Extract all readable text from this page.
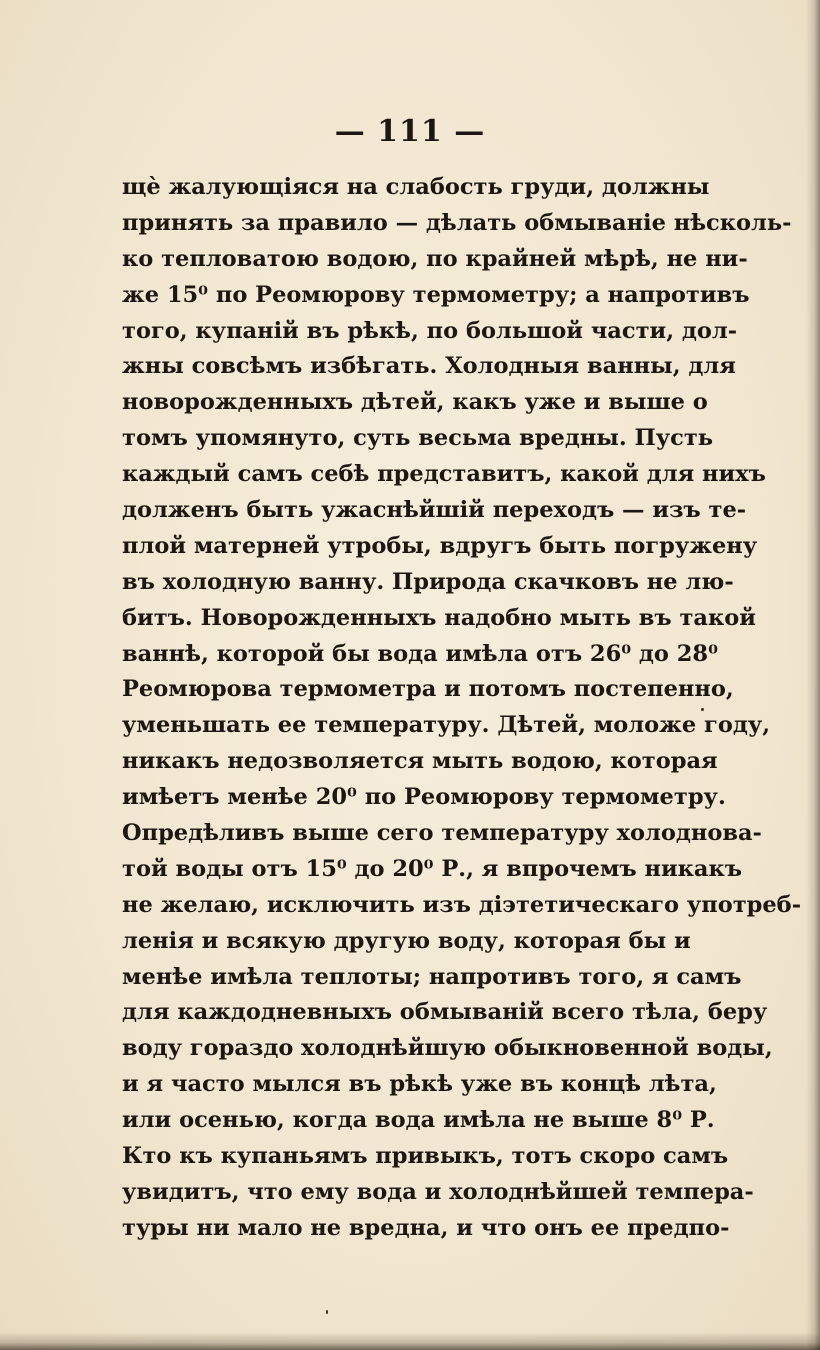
— 111 —
щѐ жалующіяся на слабость груди, должны
принять за правило — дѣлать обмываніе нѣсколь-
ко тепловатою водою, по крайней мѣрѣ, не ни-
же 15⁰ по Реомюрову термометру; а напротивъ
того, купаній въ рѣкѣ, по большой части, дол-
жны совсѣмъ избѣгать. Холодныя ванны, для
новорожденныхъ дѣтей, какъ уже и выше о
томъ упомянуто, суть весьма вредны. Пусть
каждый самъ себѣ представитъ, какой для нихъ
долженъ быть ужаснѣйшій переходъ — изъ те-
плой матерней утробы, вдругъ быть погружену
въ холодную ванну. Природа скачковъ не лю-
битъ. Новорожденныхъ надобно мыть въ такой
ваннѣ, которой бы вода имѣла отъ 26⁰ до 28⁰
Реомюрова термометра и потомъ постепенно,
уменьшать ее температуру. Дѣтей, моложе году,
никакъ недозволяется мыть водою, которая
имѣетъ менѣе 20⁰ по Реомюрову термометру.
Опредѣливъ выше сего температуру холоднова-
той воды отъ 15⁰ до 20⁰ Р., я впрочемъ никакъ
не желаю, исключить изъ діэтетическаго употреб-
ленія и всякую другую воду, которая бы и
менѣе имѣла теплоты; напротивъ того, я самъ
для каждодневныхъ обмываній всего тѣла, беру
воду гораздо холоднѣйшую обыкновенной воды,
и я часто мылся въ рѣкѣ уже въ концѣ лѣта,
или осенью, когда вода имѣла не выше 8⁰ Р.
Кто къ купаньямъ привыкъ, тотъ скоро самъ
увидитъ, что ему вода и холоднѣйшей темпера-
туры ни мало не вредна, и что онъ ее предпо-
